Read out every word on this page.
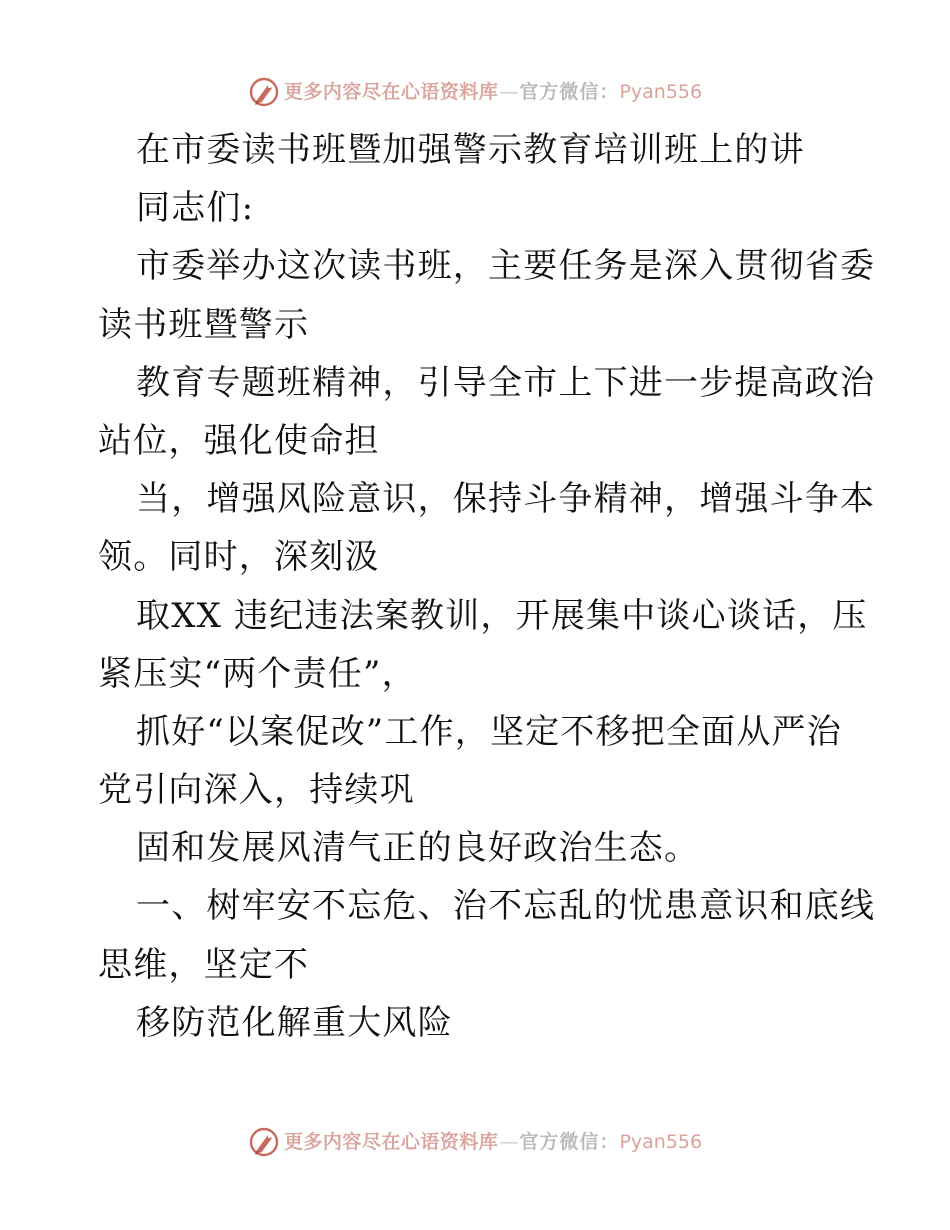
更多内容尽在心语资料库 — 官方微信： Pyan556
在市委读书班暨加强警示教育培训班上的讲
同志们:
市委举办这次读书班，主要任务是深入贯彻省委
读书班暨警示
教育专题班精神，引导全市上下进一步提高政治
站位，强化使命担
当，增强风险意识，保持斗争精神，增强斗争本
领。同时，深刻汲
取XX 违纪违法案教训，开展集中谈心谈话，压
紧压实“两个责任”，
抓好“以案促改”工作，坚定不移把全面从严治
党引向深入，持续巩
固和发展风清气正的良好政治生态。
一、树牢安不忘危、治不忘乱的忧患意识和底线
思维，坚定不
移防范化解重大风险
更多内容尽在心语资料库 — 官方微信： Pyan556
